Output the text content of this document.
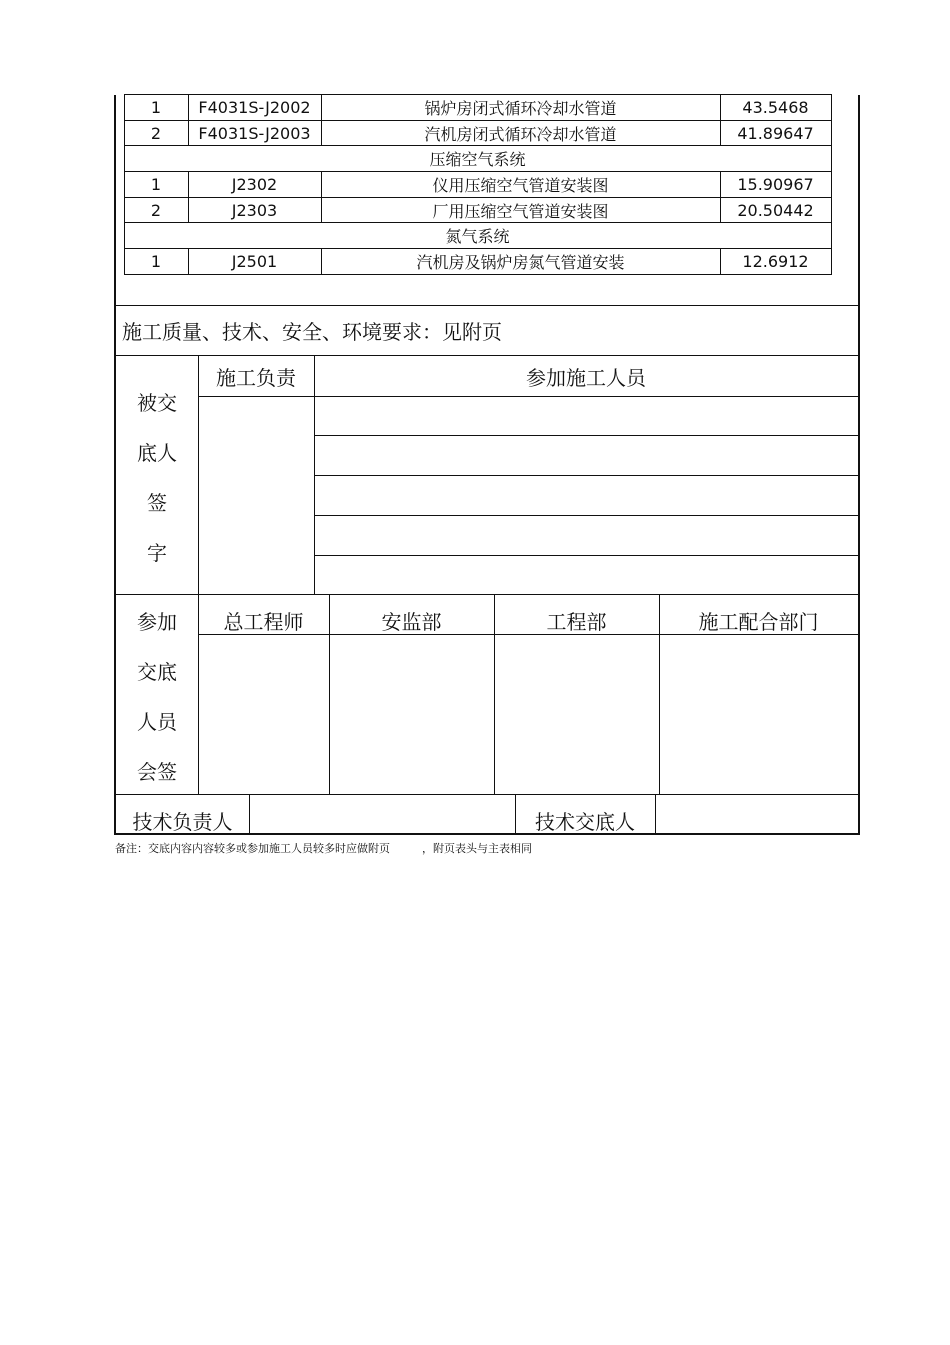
1	F4031S-J2002	锅炉房闭式循环冷却水管道	43.5468
2	F4031S-J2003	汽机房闭式循环冷却水管道	41.89647
压缩空气系统
1	J2302	仪用压缩空气管道安装图	15.90967
2	J2303	厂用压缩空气管道安装图	20.50442
氮气系统
1	J2501	汽机房及锅炉房氮气管道安装	12.6912
施工质量、技术、安全、环境要求：见附页
被交
底人
签
字
施工负责	参加施工人员
参加
交底
人员
会签
总工程师	安监部	工程部	施工配合部门
技术负责人	技术交底人
备注：交底内容内容较多或参加施工人员较多时应做附页	，附页表头与主表相同
